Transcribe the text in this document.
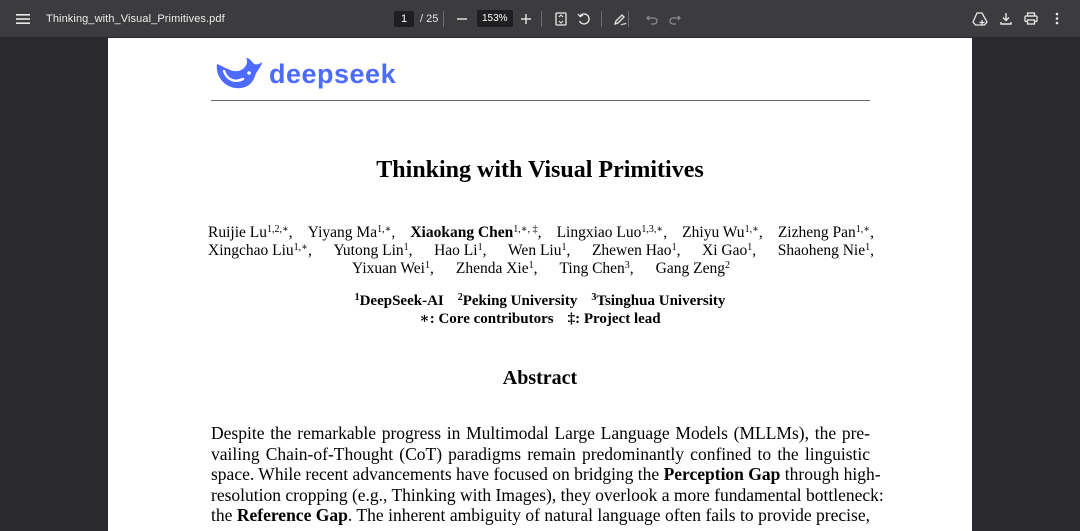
Thinking_with_Visual_Primitives.pdf	1	/ 25	153%
deepseek
Thinking with Visual Primitives
Ruijie $Lu^{1,2,∗}$, Yiyang $Ma^{1,∗}$, Xiaokang Chen$^{1,∗, \ddagger}$, Lingxiao Luo$^{1,3,∗}$, Zhiyu $Wu^{1,∗}$, Zizheng Pan$^{1,∗}$,
Xingchao Liu$^{1,∗}$, Yutong Lin$^1$, Hao Li$^1$, Wen Liu$^1$, Zhewen Hao$^1$, Xi Gao$^1$, Shaoheng Nie$^1$,
Yixuan Wei$^1$, Zhenda Xie$^1$, Ting Chen$^3$, Gang Zeng$^2$
$^1$DeepSeek-AI $^2$Peking University $^3$Tsinghua University
∗: Core contributors ‡: Project lead
Abstract
Despite the remarkable progress in Multimodal Large Language Models (MLLMs), the pre-
vailing Chain-of-Thought (CoT) paradigms remain predominantly confined to the linguistic
space. While recent advancements have focused on bridging the Perception Gap through high-
resolution cropping (e.g., Thinking with Images), they overlook a more fundamental bottleneck:
the Reference Gap. The inherent ambiguity of natural language often fails to provide precise,
